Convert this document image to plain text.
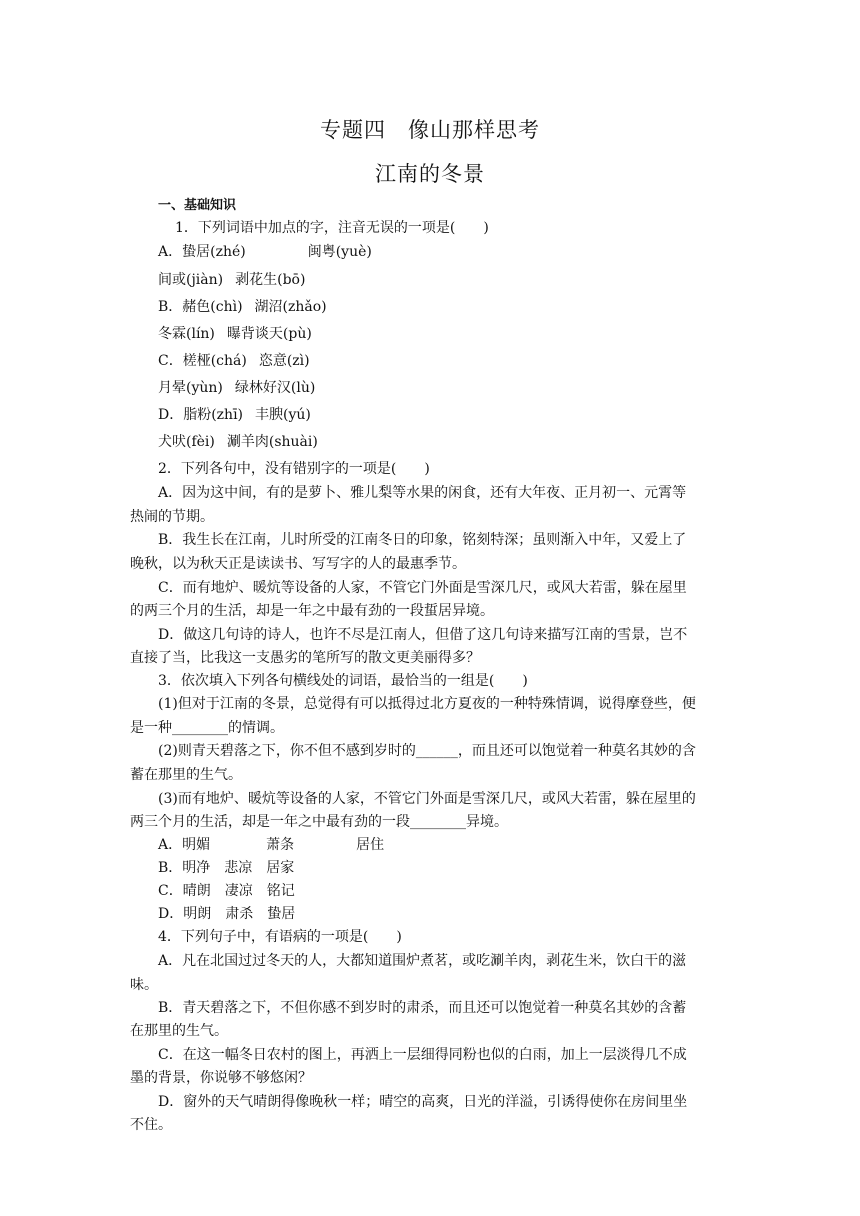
专题四　像山那样思考
江南的冬景
一、基础知识
1．下列词语中加点的字，注音无误的一项是(　　)
A．蛰居(zhé)	闽粤(yuè)
间或(jiàn) 剥花生(bō)
B．赭色(chì) 湖沼(zhǎo)
冬霖(lín) 曝背谈天(pù)
C．槎桠(chá) 恣意(zì)
月晕(yùn) 绿林好汉(lù)
D．脂粉(zhī) 丰腴(yú)
犬吠(fèi) 涮羊肉(shuài)
2．下列各句中，没有错别字的一项是(　　)
A．因为这中间，有的是萝卜、雅儿梨等水果的闲食，还有大年夜、正月初一、元霄等
热闹的节期。
B．我生长在江南，儿时所受的江南冬日的印象，铭刻特深；虽则渐入中年，又爱上了
晚秋，以为秋天正是读读书、写写字的人的最惠季节。
C．而有地炉、暖炕等设备的人家，不管它门外面是雪深几尺，或风大若雷，躲在屋里
的两三个月的生活，却是一年之中最有劲的一段蜇居异境。
D．做这几句诗的诗人，也许不尽是江南人，但借了这几句诗来描写江南的雪景，岂不
直接了当，比我这一支愚劣的笔所写的散文更美丽得多？
3．依次填入下列各句横线处的词语，最恰当的一组是(　　)
(1)但对于江南的冬景，总觉得有可以抵得过北方夏夜的一种特殊情调，说得摩登些，便
是一种________的情调。
(2)则青天碧落之下，你不但不感到岁时的______，而且还可以饱觉着一种莫名其妙的含
蓄在那里的生气。
(3)而有地炉、暖炕等设备的人家，不管它门外面是雪深几尺，或风大若雷，躲在屋里的
两三个月的生活，却是一年之中最有劲的一段________异境。
A．明媚	萧条	居住
B．明净 悲凉 居家
C．晴朗 凄凉 铭记
D．明朗 肃杀 蛰居
4．下列句子中，有语病的一项是(　　)
A．凡在北国过过冬天的人，大都知道围炉煮茗，或吃涮羊肉，剥花生米，饮白干的滋
味。
B．青天碧落之下，不但你感不到岁时的肃杀，而且还可以饱觉着一种莫名其妙的含蓄
在那里的生气。
C．在这一幅冬日农村的图上，再洒上一层细得同粉也似的白雨，加上一层淡得几不成
墨的背景，你说够不够悠闲？
D．窗外的天气晴朗得像晚秋一样；晴空的高爽，日光的洋溢，引诱得使你在房间里坐
不住。
